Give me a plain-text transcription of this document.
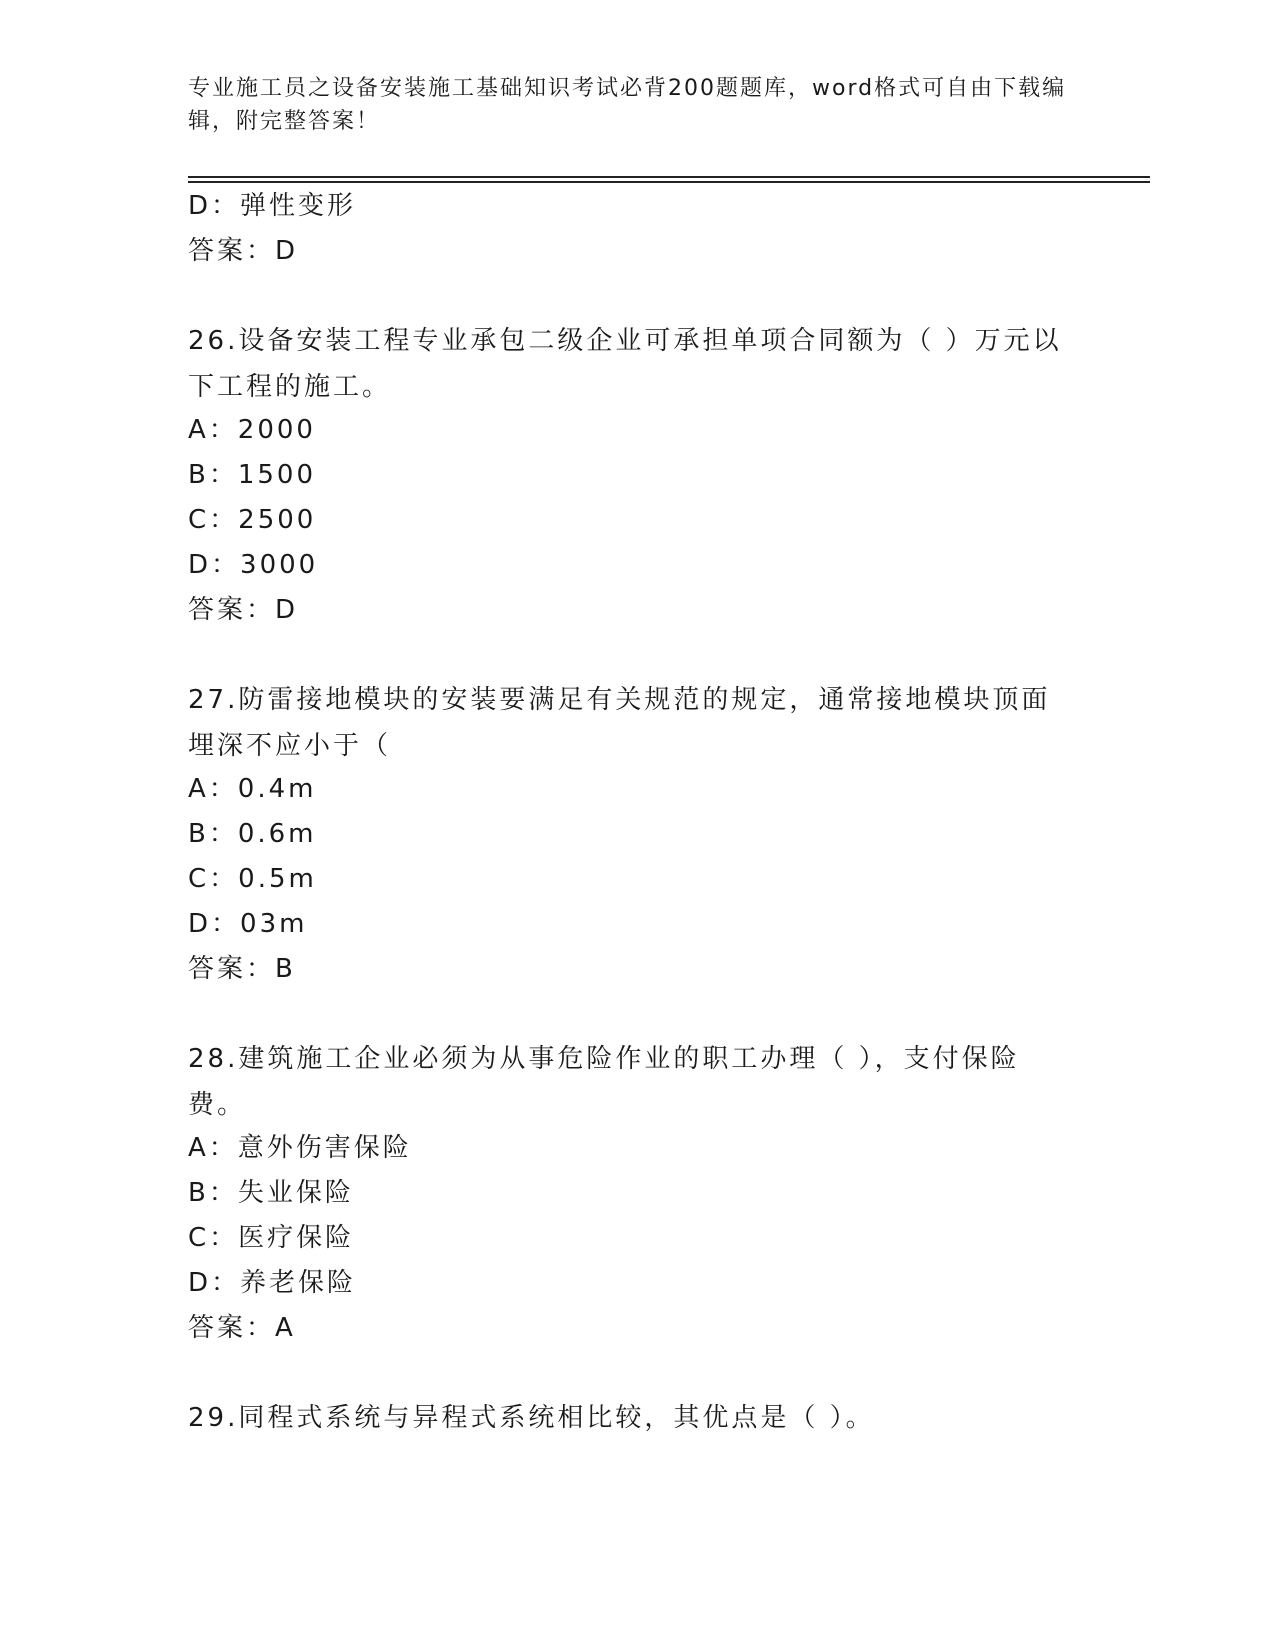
专业施工员之设备安装施工基础知识考试必背200题题库，word格式可自由下载编辑，附完整答案！
D：弹性变形
答案：D
26.设备安装工程专业承包二级企业可承担单项合同额为（ ）万元以下工程的施工。
A：2000
B：1500
C：2500
D：3000
答案：D
27.防雷接地模块的安装要满足有关规范的规定，通常接地模块顶面埋深不应小于（
A：0.4m
B：0.6m
C：0.5m
D：03m
答案：B
28.建筑施工企业必须为从事危险作业的职工办理（ ），支付保险费。
A：意外伤害保险
B：失业保险
C：医疗保险
D：养老保险
答案：A
29.同程式系统与异程式系统相比较，其优点是（ ）。
